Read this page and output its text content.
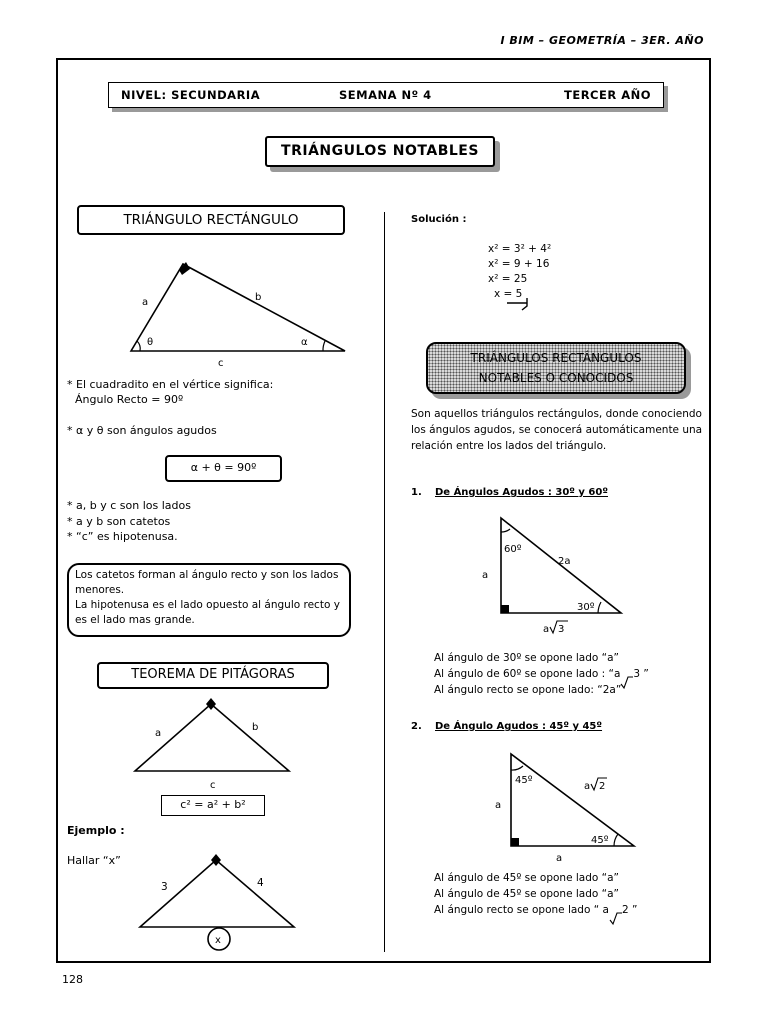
I BIM – GEOMETRÍA – 3ER. AÑO
NIVEL: SECUNDARIA	SEMANA Nº 4	TERCER AÑO
TRIÁNGULOS NOTABLES
TRIÁNGULO RECTÁNGULO
a	b
c
θ	α
* El cuadradito en el vértice significa:
Ángulo Recto = 90º
* α y θ son ángulos agudos
α + θ = 90º
* a, b y c son los lados
* a y b son catetos
* “c” es hipotenusa.
Los catetos forman al ángulo recto y son los lados
menores.
La hipotenusa es el lado opuesto al ángulo recto y
es el lado mas grande.
TEOREMA DE PITÁGORAS
a
b
c
c² = a² + b²
Ejemplo :
Hallar “x”
3	4
x
Solución :
x² = 3² + 4²
x² = 9 + 16
x² = 25
x = 5
TRIÁNGULOS RECTÁNGULOS
NOTABLES O CONOCIDOS
Son aquellos triángulos rectángulos, donde conociendo
los ángulos agudos, se conocerá automáticamente una
relación entre los lados del triángulo.
1. De Ángulos Agudos : 30º y 60º
60º
2a
a
30º
a 3
Al ángulo de 30º se opone lado “a”
Al ángulo de 60º se opone lado : “a 3 ”
Al ángulo recto se opone lado: “2a”
2. De Ángulo Agudos : 45º y 45º
45º
a 2
a
45º
a
Al ángulo de 45º se opone lado “a”
Al ángulo de 45º se opone lado “a”
Al ángulo recto se opone lado “ a 2 ”
128
